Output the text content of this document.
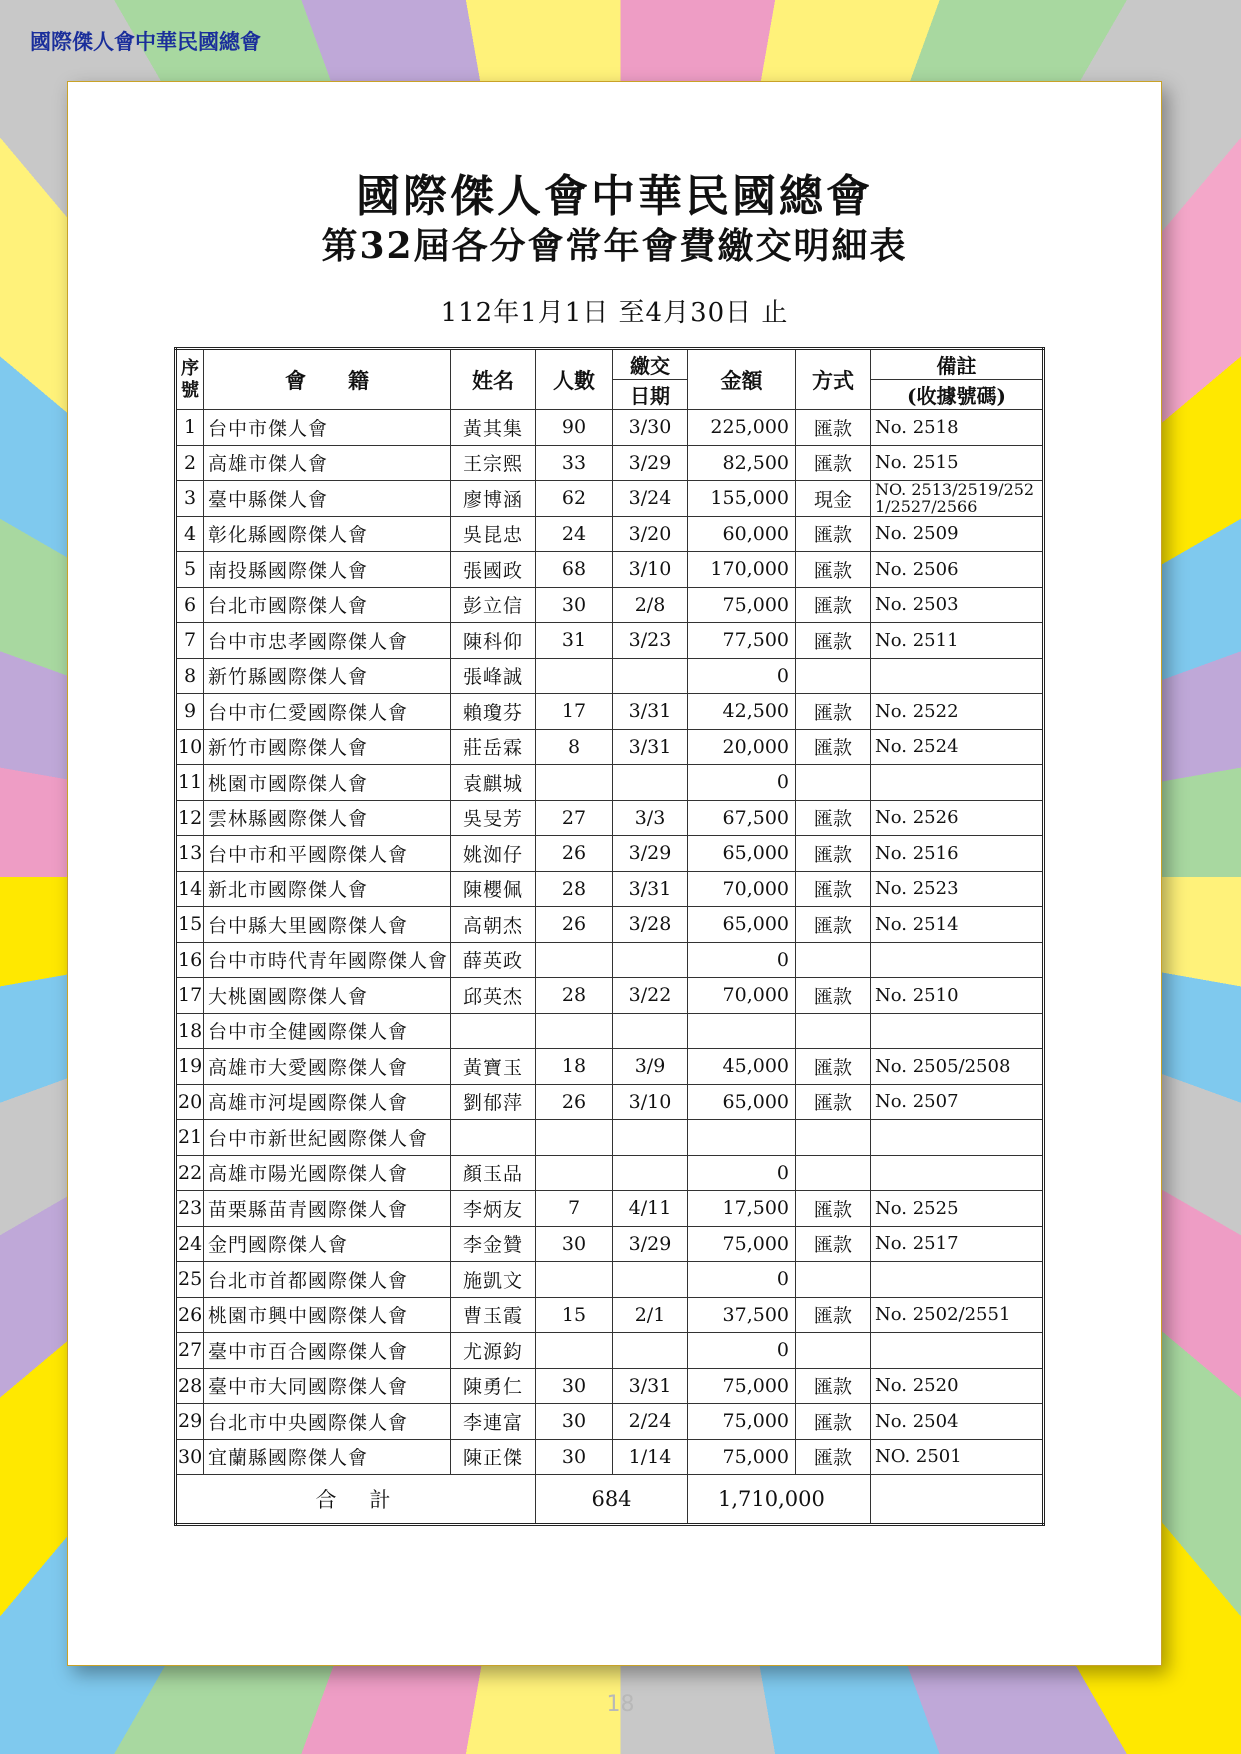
國際傑人會中華民國總會
國際傑人會中華民國總會
第32屆各分會常年會費繳交明細表
112年1月1日 至4月30日 止
序號	會　　籍	姓名	人數	繳交	金額	方式	備註
				日期			(收據號碼)
1	台中市傑人會	黃其集	90	3/30	225,000	匯款	No. 2518
2	高雄市傑人會	王宗熙	33	3/29	82,500	匯款	No. 2515
3	臺中縣傑人會	廖博涵	62	3/24	155,000	現金	NO. 2513/2519/2521/2527/2566
4	彰化縣國際傑人會	吳昆忠	24	3/20	60,000	匯款	No. 2509
5	南投縣國際傑人會	張國政	68	3/10	170,000	匯款	No. 2506
6	台北市國際傑人會	彭立信	30	2/8	75,000	匯款	No. 2503
7	台中市忠孝國際傑人會	陳科仰	31	3/23	77,500	匯款	No. 2511
8	新竹縣國際傑人會	張峰誠			0		
9	台中市仁愛國際傑人會	賴瓊芬	17	3/31	42,500	匯款	No. 2522
10	新竹市國際傑人會	莊岳霖	8	3/31	20,000	匯款	No. 2524
11	桃園市國際傑人會	袁麒城			0		
12	雲林縣國際傑人會	吳旻芳	27	3/3	67,500	匯款	No. 2526
13	台中市和平國際傑人會	姚洳仔	26	3/29	65,000	匯款	No. 2516
14	新北市國際傑人會	陳櫻佩	28	3/31	70,000	匯款	No. 2523
15	台中縣大里國際傑人會	高朝杰	26	3/28	65,000	匯款	No. 2514
16	台中市時代青年國際傑人會	薛英政			0		
17	大桃園國際傑人會	邱英杰	28	3/22	70,000	匯款	No. 2510
18	台中市全健國際傑人會						
19	高雄市大愛國際傑人會	黃寶玉	18	3/9	45,000	匯款	No. 2505/2508
20	高雄市河堤國際傑人會	劉郁萍	26	3/10	65,000	匯款	No. 2507
21	台中市新世紀國際傑人會						
22	高雄市陽光國際傑人會	顏玉品			0		
23	苗栗縣苗青國際傑人會	李炳友	7	4/11	17,500	匯款	No. 2525
24	金門國際傑人會	李金贊	30	3/29	75,000	匯款	No. 2517
25	台北市首都國際傑人會	施凱文			0		
26	桃園市興中國際傑人會	曹玉霞	15	2/1	37,500	匯款	No. 2502/2551
27	臺中市百合國際傑人會	尤源鈞			0		
28	臺中市大同國際傑人會	陳勇仁	30	3/31	75,000	匯款	No. 2520
29	台北市中央國際傑人會	李連富	30	2/24	75,000	匯款	No. 2504
30	宜蘭縣國際傑人會	陳正傑	30	1/14	75,000	匯款	NO. 2501
合　計			684		1,710,000		
18
